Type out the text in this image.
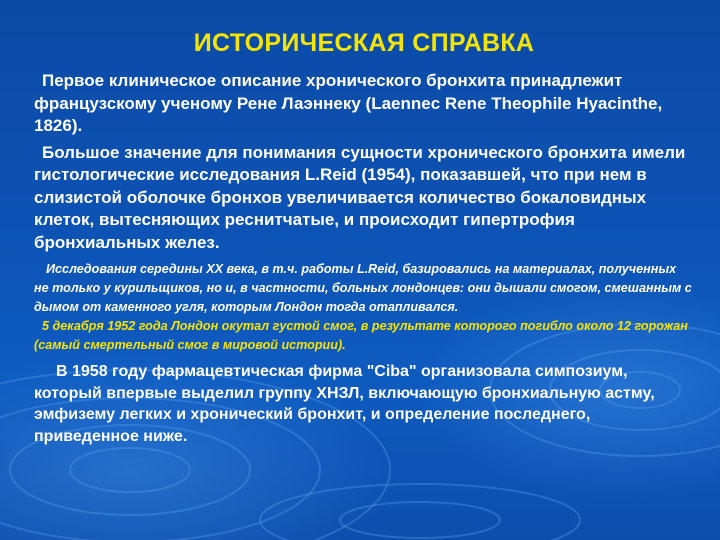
ИСТОРИЧЕСКАЯ СПРАВКА

Первое клиническое описание хронического бронхита принадлежит французскому ученому Рене Лаэннеку (Laennec Rene Theophile Hyacinthe, 1826).

Большое значение для понимания сущности хронического бронхита имели гистологические исследования L.Reid (1954), показавшей, что при нем в слизистой оболочке бронхов увеличивается количество бокаловидных клеток, вытесняющих реснитчатые, и происходит гипертрофия бронхиальных желез.

Исследования середины XX века, в т.ч. работы L.Reid, базировались на материалах, полученных не только у курильщиков, но и, в частности, больных лондонцев: они дышали смогом, смешанным с дымом от каменного угля, которым Лондон тогда отапливался.

5 декабря 1952 года Лондон окутал густой смог, в результате которого погибло около 12 горожан (самый смертельный смог в мировой истории).

В 1958 году фармацевтическая фирма "Ciba" организовала симпозиум, который впервые выделил группу ХНЗЛ, включающую бронхиальную астму, эмфизему легких и хронический бронхит, и определение последнего, приведенное ниже.
